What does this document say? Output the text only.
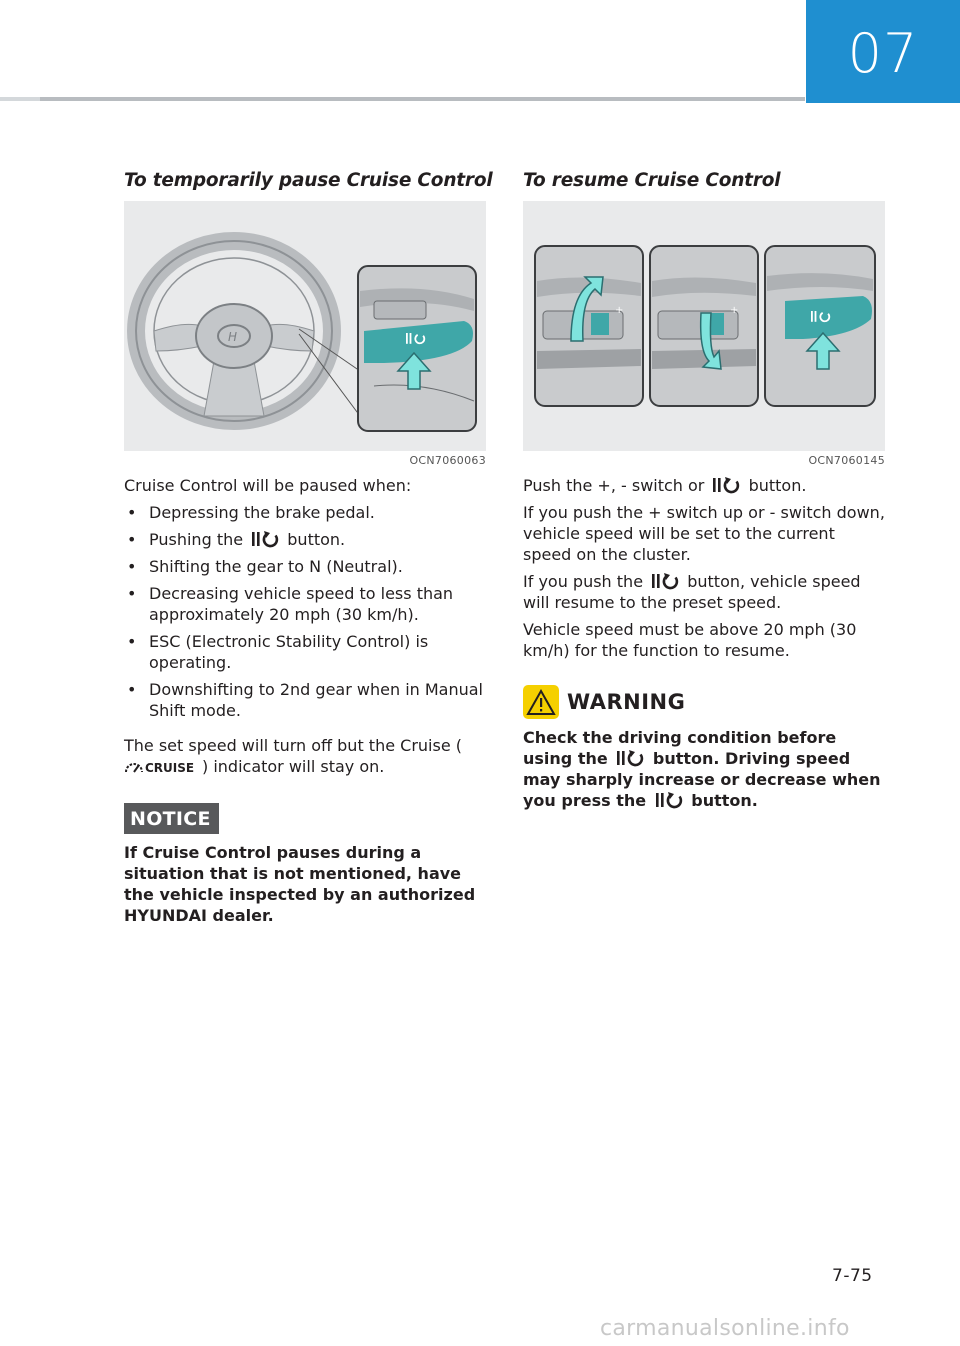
07
To temporarily pause Cruise Control
H
OCN7060063

Cruise Control will be paused when:

• Depressing the brake pedal.
• Pushing the	button.
• Shifting the gear to N (Neutral).
• Decreasing vehicle speed to less than approximately 20 mph (30 km/h).
• ESC (Electronic Stability Control) is operating.
• Downshifting to 2nd gear when in Manual Shift mode.

The set speed will turn off but the Cruise (
CRUISE ) indicator will stay on.

NOTICE

If Cruise Control pauses during a situation that is not mentioned, have the vehicle inspected by an authorized HYUNDAI dealer.

To resume Cruise Control
+	+
OCN7060145

Push the +, - switch or	button.

If you push the + switch up or - switch down, vehicle speed will be set to the current speed on the cluster.

If you push the	button, vehicle speed will resume to the preset speed.

Vehicle speed must be above 20 mph (30 km/h) for the function to resume.

WARNING

Check the driving condition before using the	button. Driving speed may sharply increase or decrease when you press the	button.

7-75
carmanualsonline.info
